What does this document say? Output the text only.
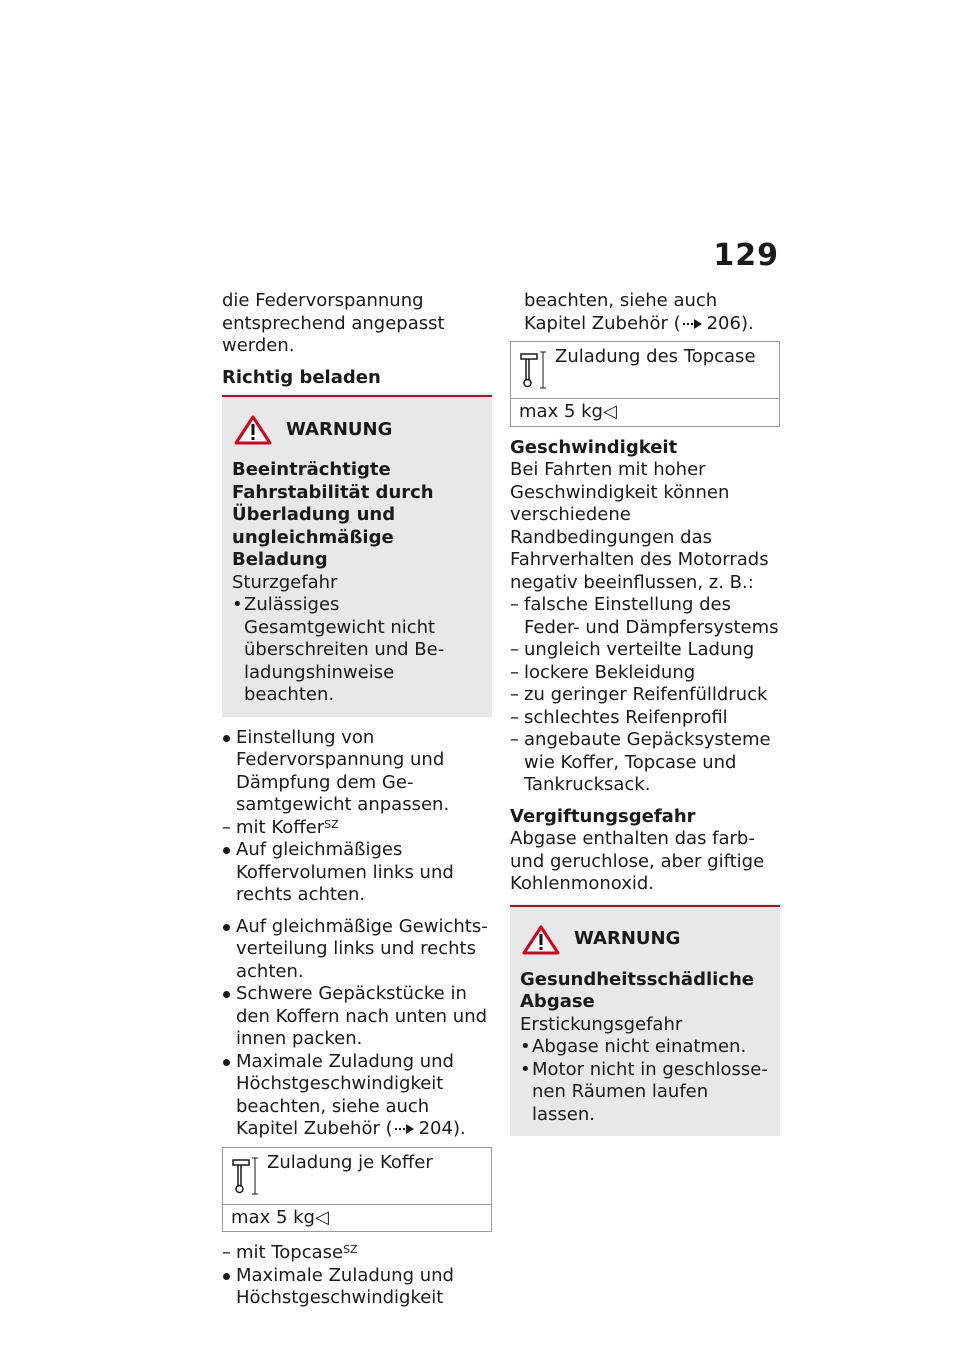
129

die Federvorspannung entsprechend angepasst werden.

Richtig beladen

WARNUNG

Beeinträchtigte Fahrstabilität durch Überladung und ungleichmäßige Beladung

Sturzgefahr

• Zulässiges Gesamtgewicht nicht überschreiten und Beladungshinweise beachten.
Einstellung von Federvorspannung und Dämpfung dem Gesamtgewicht anpassen.
– mit Koffer$^{SZ}$
Auf gleichmäßiges Koffervolumen links und rechts achten.
Auf gleichmäßige Gewichtsverteilung links und rechts achten.
Schwere Gepäckstücke in den Koffern nach unten und innen packen.
Maximale Zuladung und Höchstgeschwindigkeit beachten, siehe auch Kapitel Zubehör ( 204).
Zuladung je Koffer
max 5 kg◁
– mit Topcase$^{SZ}$
Maximale Zuladung und Höchstgeschwindigkeit
beachten, siehe auch Kapitel Zubehör ( 206).
Zuladung des Topcase
max 5 kg◁

Geschwindigkeit

Bei Fahrten mit hoher Geschwindigkeit können verschiedene Randbedingungen das Fahrverhalten des Motorrads negativ beeinflussen, z. B.:

– falsche Einstellung des Feder- und Dämpfersystems
– ungleich verteilte Ladung
– lockere Bekleidung
– zu geringer Reifenfülldruck
– schlechtes Reifenprofil
– angebaute Gepäcksysteme wie Koffer, Topcase und Tankrucksack.

Vergiftungsgefahr

Abgase enthalten das farb- und geruchlose, aber giftige Kohlenmonoxid.

WARNUNG

Gesundheitsschädliche Abgase

Erstickungsgefahr

• Abgase nicht einatmen.
• Motor nicht in geschlossenen Räumen laufen lassen.
